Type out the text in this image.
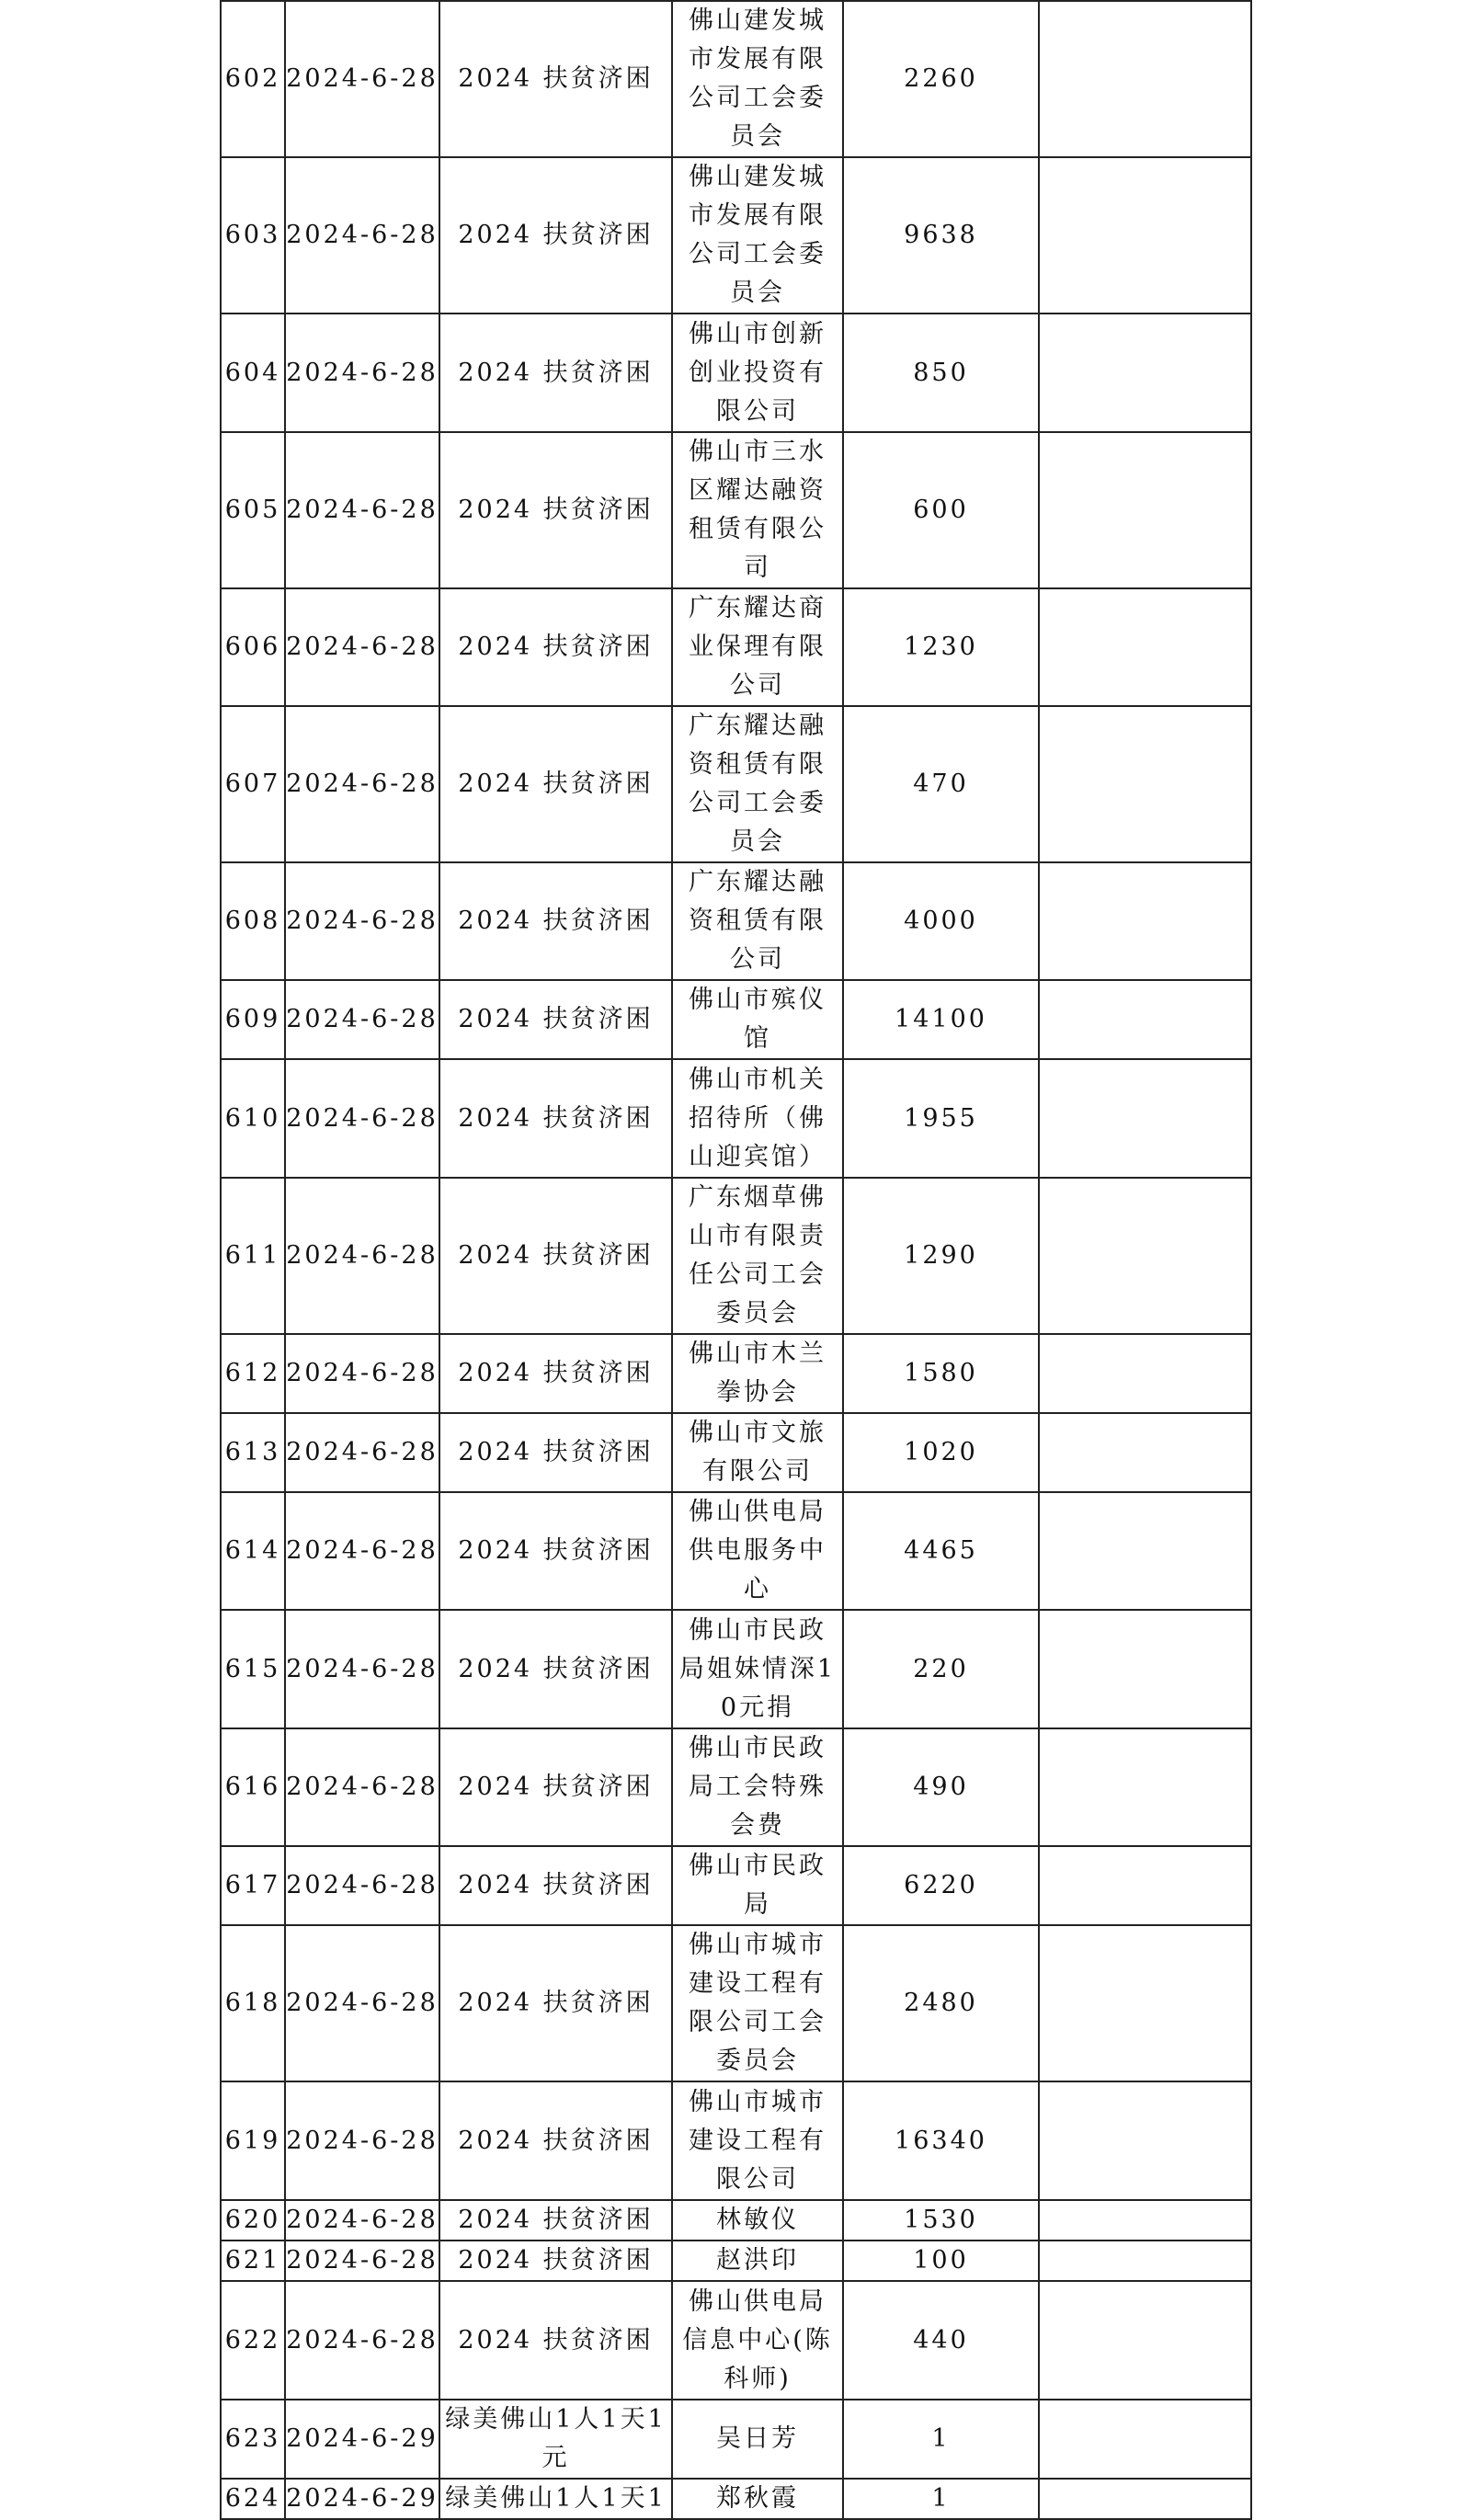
602	2024-6-28	2024 扶贫济困	佛山建发城市发展有限公司工会委员会	2260	
603	2024-6-28	2024 扶贫济困	佛山建发城市发展有限公司工会委员会	9638	
604	2024-6-28	2024 扶贫济困	佛山市创新创业投资有限公司	850	
605	2024-6-28	2024 扶贫济困	佛山市三水区耀达融资租赁有限公司	600	
606	2024-6-28	2024 扶贫济困	广东耀达商业保理有限公司	1230	
607	2024-6-28	2024 扶贫济困	广东耀达融资租赁有限公司工会委员会	470	
608	2024-6-28	2024 扶贫济困	广东耀达融资租赁有限公司	4000	
609	2024-6-28	2024 扶贫济困	佛山市殡仪馆	14100	
610	2024-6-28	2024 扶贫济困	佛山市机关招待所（佛山迎宾馆）	1955	
611	2024-6-28	2024 扶贫济困	广东烟草佛山市有限责任公司工会委员会	1290	
612	2024-6-28	2024 扶贫济困	佛山市木兰拳协会	1580	
613	2024-6-28	2024 扶贫济困	佛山市文旅有限公司	1020	
614	2024-6-28	2024 扶贫济困	佛山供电局供电服务中心	4465	
615	2024-6-28	2024 扶贫济困	佛山市民政局姐妹情深10元捐	220	
616	2024-6-28	2024 扶贫济困	佛山市民政局工会特殊会费	490	
617	2024-6-28	2024 扶贫济困	佛山市民政局	6220	
618	2024-6-28	2024 扶贫济困	佛山市城市建设工程有限公司工会委员会	2480	
619	2024-6-28	2024 扶贫济困	佛山市城市建设工程有限公司	16340	
620	2024-6-28	2024 扶贫济困	林敏仪	1530	
621	2024-6-28	2024 扶贫济困	赵洪印	100	
622	2024-6-28	2024 扶贫济困	佛山供电局信息中心(陈科师)	440	
623	2024-6-29	绿美佛山1人1天1元	吴日芳	1	
624	2024-6-29	绿美佛山1人1天1	郑秋霞	1	
